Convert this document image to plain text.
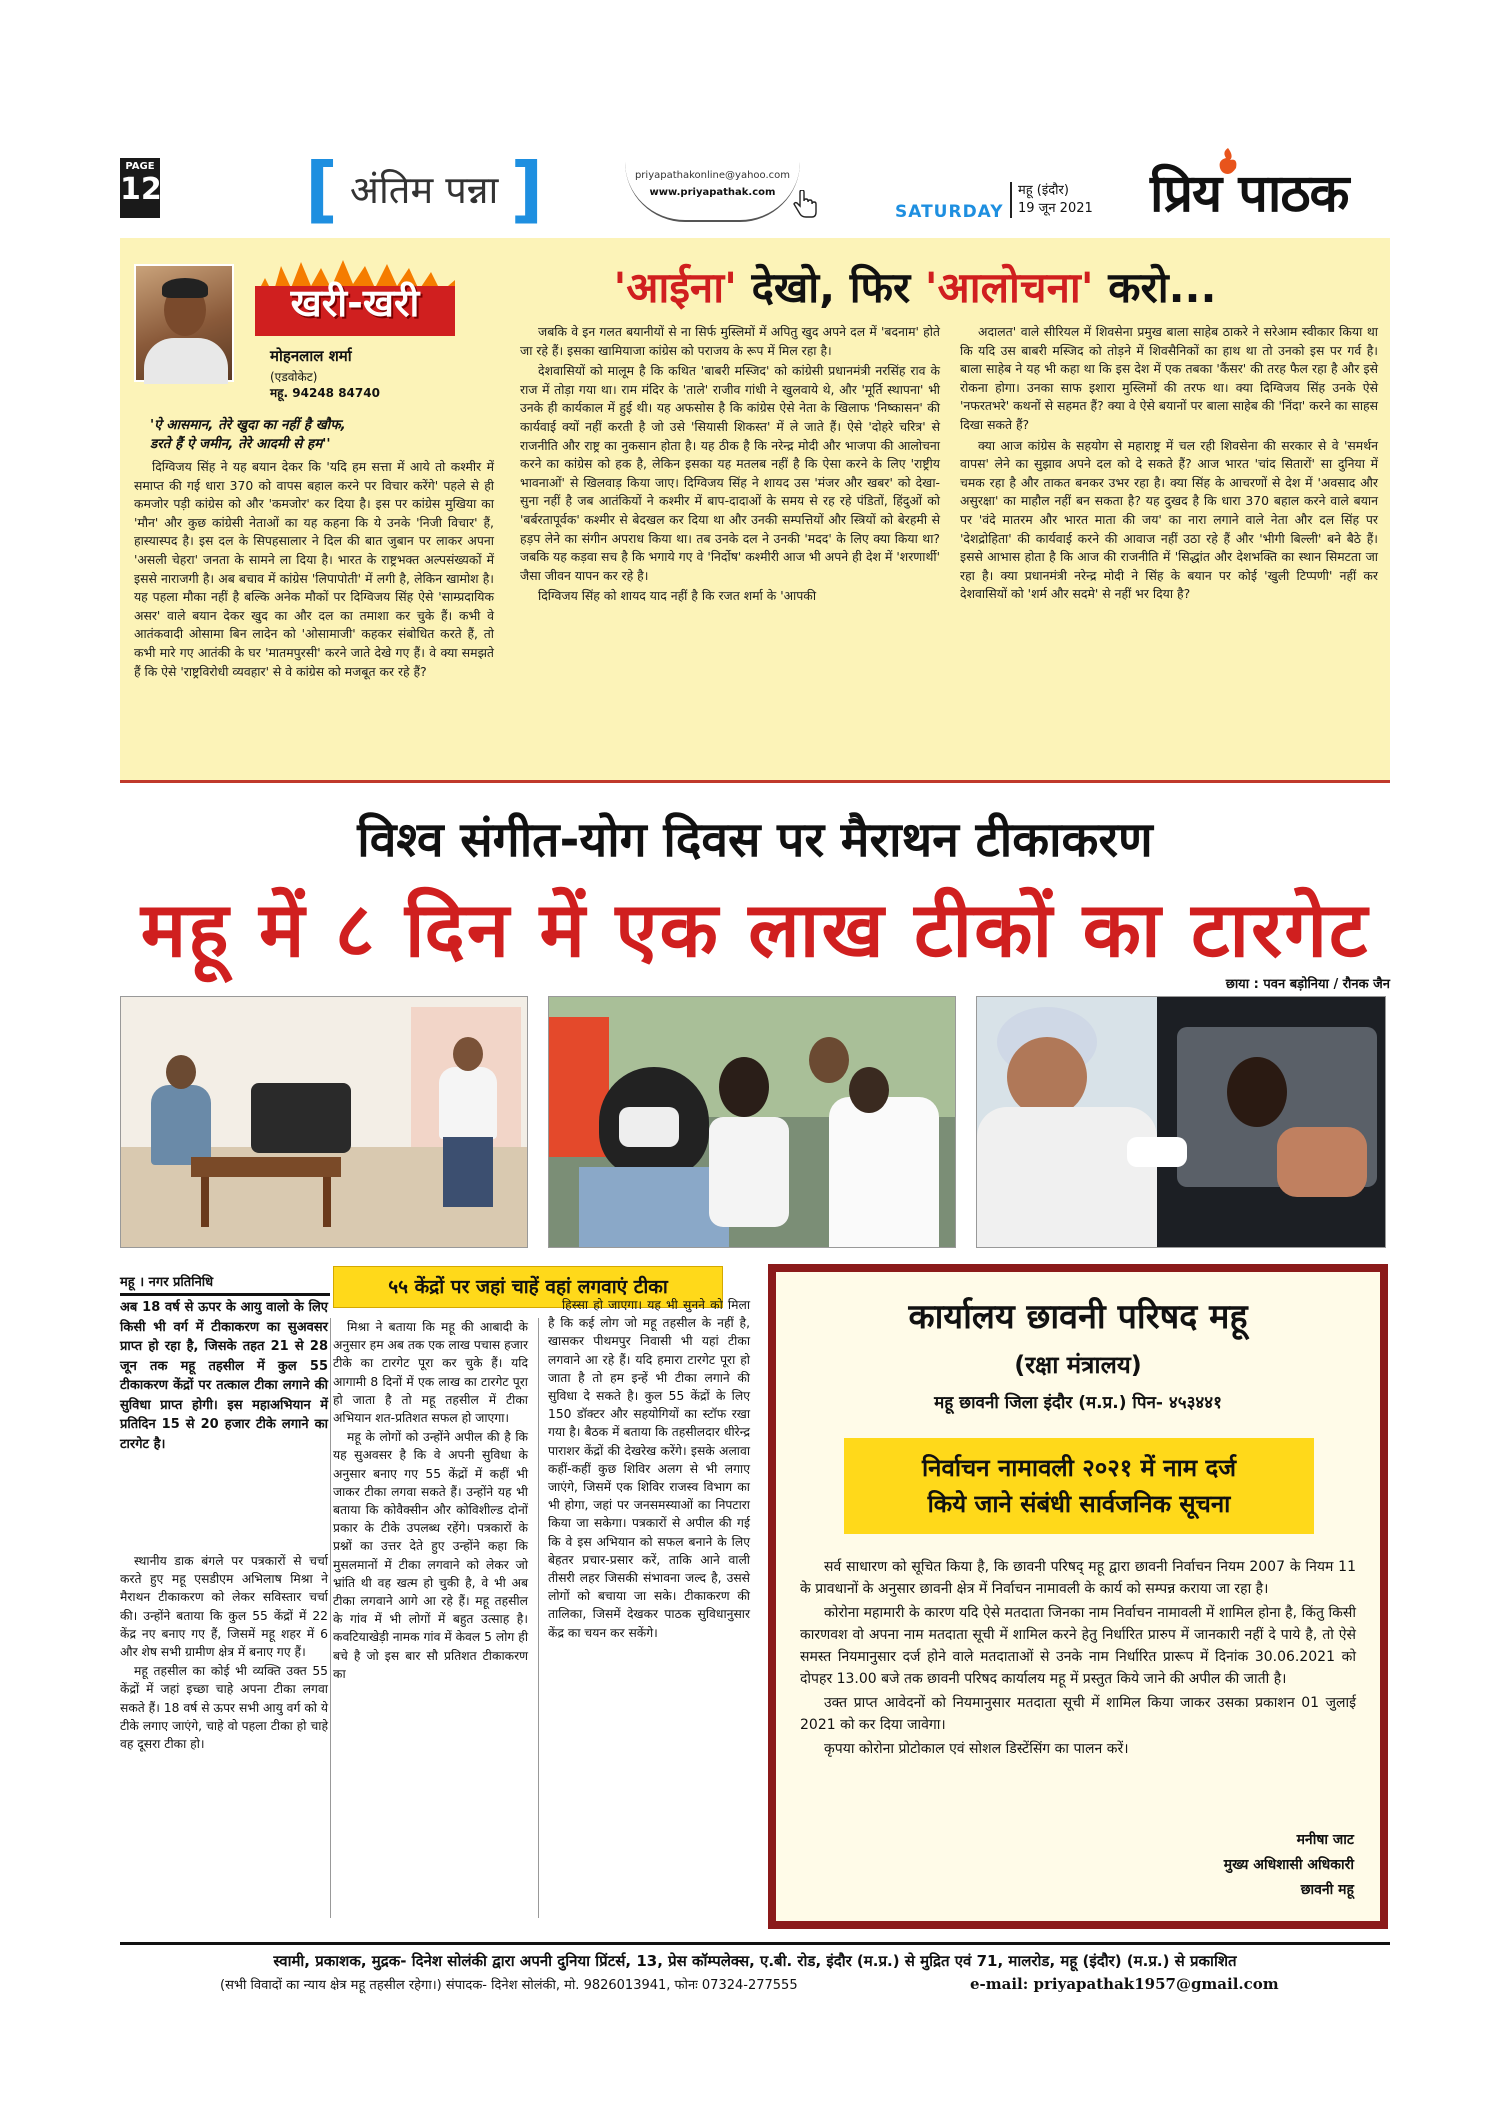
PAGE
12 [ अंतिम पन्ना ]	priyapathakonline@yahoo.com
www.priyapathak.com
SATURDAY
महू (इंदौर)
19 जून 2021 प्रिय पाठक
खरी-खरी
मोहनलाल शर्मा
(एडवोकेट)
महू. 94248 84740
'ऐ आसमान, तेरे खुदा का नहीं है खौफ,
डरते हैं ऐ जमीन, तेरे आदमी से हम''
'आईना' देखो, फिर 'आलोचना' करो...

दिग्विजय सिंह ने यह बयान देकर कि 'यदि हम सत्ता में आये तो कश्मीर में समाप्त की गई धारा 370 को वापस बहाल करने पर विचार करेंगे' पहले से ही कमजोर पड़ी कांग्रेस को और 'कमजोर' कर दिया है। इस पर कांग्रेस मुखिया का 'मौन' और कुछ कांग्रेसी नेताओं का यह कहना कि ये उनके 'निजी विचार' हैं, हास्यास्पद है। इस दल के सिपहसालार ने दिल की बात जुबान पर लाकर अपना 'असली चेहरा' जनता के सामने ला दिया है। भारत के राष्ट्रभक्त अल्पसंख्यकों में इससे नाराजगी है। अब बचाव में कांग्रेस 'लिपापोती' में लगी है, लेकिन खामोश है। यह पहला मौका नहीं है बल्कि अनेक मौकों पर दिग्विजय सिंह ऐसे 'साम्प्रदायिक असर' वाले बयान देकर खुद का और दल का तमाशा कर चुके हैं। कभी वे आतंकवादी ओसामा बिन लादेन को 'ओसामाजी' कहकर संबोधित करते हैं, तो कभी मारे गए आतंकी के घर 'मातमपुरसी' करने जाते देखे गए हैं। वे क्या समझते हैं कि ऐसे 'राष्ट्रविरोधी व्यवहार' से वे कांग्रेस को मजबूत कर रहे हैं?

जबकि वे इन गलत बयानीयों से ना सिर्फ मुस्लिमों में अपितु खुद अपने दल में 'बदनाम' होते जा रहे हैं। इसका खामियाजा कांग्रेस को पराजय के रूप में मिल रहा है।

देशवासियों को मालूम है कि कथित 'बाबरी मस्जिद' को कांग्रेसी प्रधानमंत्री नरसिंह राव के राज में तोड़ा गया था। राम मंदिर के 'ताले' राजीव गांधी ने खुलवाये थे, और 'मूर्ति स्थापना' भी उनके ही कार्यकाल में हुई थी। यह अफसोस है कि कांग्रेस ऐसे नेता के खिलाफ 'निष्कासन' की कार्यवाई क्यों नहीं करती है जो उसे 'सियासी शिकस्त' में ले जाते हैं। ऐसे 'दोहरे चरित्र' से राजनीति और राष्ट्र का नुकसान होता है। यह ठीक है कि नरेन्द्र मोदी और भाजपा की आलोचना करने का कांग्रेस को हक है, लेकिन इसका यह मतलब नहीं है कि ऐसा करने के लिए 'राष्ट्रीय भावनाओं' से खिलवाड़ किया जाए। दिग्विजय सिंह ने शायद उस 'मंजर और खबर' को देखा-सुना नहीं है जब आतंकियों ने कश्मीर में बाप-दादाओं के समय से रह रहे पंडितों, हिंदुओं को 'बर्बरतापूर्वक' कश्मीर से बेदखल कर दिया था और उनकी सम्पत्तियों और स्त्रियों को बेरहमी से हड़प लेने का संगीन अपराध किया था। तब उनके दल ने उनकी 'मदद' के लिए क्या किया था? जबकि यह कड़वा सच है कि भगाये गए वे 'निर्दोष' कश्मीरी आज भी अपने ही देश में 'शरणार्थी' जैसा जीवन यापन कर रहे है।

दिग्विजय सिंह को शायद याद नहीं है कि रजत शर्मा के 'आपकी

अदालत' वाले सीरियल में शिवसेना प्रमुख बाला साहेब ठाकरे ने सरेआम स्वीकार किया था कि यदि उस बाबरी मस्जिद को तोड़ने में शिवसैनिकों का हाथ था तो उनको इस पर गर्व है। बाला साहेब ने यह भी कहा था कि इस देश में एक तबका 'कैंसर' की तरह फैल रहा है और इसे रोकना होगा। उनका साफ इशारा मुस्लिमों की तरफ था। क्या दिग्विजय सिंह उनके ऐसे 'नफरतभरे' कथनों से सहमत हैं? क्या वे ऐसे बयानों पर बाला साहेब की 'निंदा' करने का साहस दिखा सकते हैं?

क्या आज कांग्रेस के सहयोग से महाराष्ट्र में चल रही शिवसेना की सरकार से वे 'समर्थन वापस' लेने का सुझाव अपने दल को दे सकते हैं? आज भारत 'चांद सितारों' सा दुनिया में चमक रहा है और ताकत बनकर उभर रहा है। क्या सिंह के आचरणों से देश में 'अवसाद और असुरक्षा' का माहौल नहीं बन सकता है? यह दुखद है कि धारा 370 बहाल करने वाले बयान पर 'वंदे मातरम और भारत माता की जय' का नारा लगाने वाले नेता और दल सिंह पर 'देशद्रोहिता' की कार्यवाई करने की आवाज नहीं उठा रहे हैं और 'भीगी बिल्ली' बने बैठे हैं। इससे आभास होता है कि आज की राजनीति में 'सिद्धांत और देशभक्ति का स्थान सिमटता जा रहा है। क्या प्रधानमंत्री नरेन्द्र मोदी ने सिंह के बयान पर कोई 'खुली टिप्पणी' नहीं कर देशवासियों को 'शर्म और सदमे' से नहीं भर दिया है?

विश्व संगीत-योग दिवस पर मैराथन टीकाकरण
महू में ८ दिन में एक लाख टीकों का टारगेट
छाया : पवन बड़ोनिया / रौनक जैन
महू । नगर प्रतिनिधि
अब 18 वर्ष से ऊपर के आयु वालो के लिए किसी भी वर्ग में टीकाकरण का सुअवसर प्राप्त हो रहा है, जिसके तहत 21 से 28 जून तक महू तहसील में कुल 55 टीकाकरण केंद्रों पर तत्काल टीका लगाने की सुविधा प्राप्त होगी। इस महाअभियान में प्रतिदिन 15 से 20 हजार टीके लगाने का टारगेट है।
५५ केंद्रों पर जहां चाहें वहां लगवाएं टीका

स्थानीय डाक बंगले पर पत्रकारों से चर्चा करते हुए महू एसडीएम अभिलाष मिश्रा ने मैराथन टीकाकरण को लेकर सविस्तार चर्चा की। उन्होंने बताया कि कुल 55 केंद्रों में 22 केंद्र नए बनाए गए हैं, जिसमें महू शहर में 6 और शेष सभी ग्रामीण क्षेत्र में बनाए गए हैं।

महू तहसील का कोई भी व्यक्ति उक्त 55 केंद्रों में जहां इच्छा चाहे अपना टीका लगवा सकते हैं। 18 वर्ष से ऊपर सभी आयु वर्ग को ये टीके लगाए जाएंगे, चाहे वो पहला टीका हो चाहे वह दूसरा टीका हो।

मिश्रा ने बताया कि महू की आबादी के अनुसार हम अब तक एक लाख पचास हजार टीके का टारगेट पूरा कर चुके हैं। यदि आगामी 8 दिनों में एक लाख का टारगेट पूरा हो जाता है तो महू तहसील में टीका अभियान शत-प्रतिशत सफल हो जाएगा।

महू के लोगों को उन्होंने अपील की है कि यह सुअवसर है कि वे अपनी सुविधा के अनुसार बनाए गए 55 केंद्रों में कहीं भी जाकर टीका लगवा सकते हैं। उन्होंने यह भी बताया कि कोवैक्सीन और कोविशील्ड दोनों प्रकार के टीके उपलब्ध रहेंगे। पत्रकारों के प्रश्नों का उत्तर देते हुए उन्होंने कहा कि मुसलमानों में टीका लगवाने को लेकर जो भ्रांति थी वह खत्म हो चुकी है, वे भी अब टीका लगवाने आगे आ रहे हैं। महू तहसील के गांव में भी लोगों में बहुत उत्साह है। कवटियाखेड़ी नामक गांव में केवल 5 लोग ही बचे है जो इस बार सौ प्रतिशत टीकाकरण का

हिस्सा हो जाएगा। यह भी सुनने को मिला है कि कई लोग जो महू तहसील के नहीं है, खासकर पीथमपुर निवासी भी यहां टीका लगवाने आ रहे हैं। यदि हमारा टारगेट पूरा हो जाता है तो हम इन्हें भी टीका लगाने की सुविधा दे सकते है। कुल 55 केंद्रों के लिए 150 डॉक्टर और सहयोगियों का स्टॉफ रखा गया है। बैठक में बताया कि तहसीलदार धीरेन्द्र पाराशर केंद्रों की देखरेख करेंगे। इसके अलावा कहीं-कहीं कुछ शिविर अलग से भी लगाए जाएंगे, जिसमें एक शिविर राजस्व विभाग का भी होगा, जहां पर जनसमस्याओं का निपटारा किया जा सकेगा। पत्रकारों से अपील की गई कि वे इस अभियान को सफल बनाने के लिए बेहतर प्रचार-प्रसार करें, ताकि आने वाली तीसरी लहर जिसकी संभावना जल्द है, उससे लोगों को बचाया जा सके। टीकाकरण की तालिका, जिसमें देखकर पाठक सुविधानुसार केंद्र का चयन कर सकेंगे।

कार्यालय छावनी परिषद महू
(रक्षा मंत्रालय)
महू छावनी जिला इंदौर (म.प्र.) पिन- ४५३४४१
निर्वाचन नामावली २०२१ में नाम दर्ज
किये जाने संबंधी सार्वजनिक सूचना

सर्व साधारण को सूचित किया है, कि छावनी परिषद् महू द्वारा छावनी निर्वाचन नियम 2007 के नियम 11 के प्रावधानों के अनुसार छावनी क्षेत्र में निर्वाचन नामावली के कार्य को सम्पन्न कराया जा रहा है।

कोरोना महामारी के कारण यदि ऐसे मतदाता जिनका नाम निर्वाचन नामावली में शामिल होना है, किंतु किसी कारणवश वो अपना नाम मतदाता सूची में शामिल करने हेतु निर्धारित प्रारुप में जानकारी नहीं दे पाये है, तो ऐसे समस्त नियमानुसार दर्ज होने वाले मतदाताओं से उनके नाम निर्धारित प्रारूप में दिनांक 30.06.2021 को दोपहर 13.00 बजे तक छावनी परिषद कार्यालय महू में प्रस्तुत किये जाने की अपील की जाती है।

उक्त प्राप्त आवेदनों को नियमानुसार मतदाता सूची में शामिल किया जाकर उसका प्रकाशन 01 जुलाई 2021 को कर दिया जावेगा।

कृपया कोरोना प्रोटोकाल एवं सोशल डिस्टेंसिंग का पालन करें।

मनीषा जाट
मुख्य अधिशासी अधिकारी
छावनी महू
स्वामी, प्रकाशक, मुद्रक- दिनेश सोलंकी द्वारा अपनी दुनिया प्रिंटर्स, 13, प्रेस कॉम्पलेक्स, ए.बी. रोड, इंदौर (म.प्र.) से मुद्रित एवं 71, मालरोड, महू (इंदौर) (म.प्र.) से प्रकाशित
(सभी विवादों का न्याय क्षेत्र महू तहसील रहेगा।) संपादक- दिनेश सोलंकी, मो. 9826013941, फोनः 07324-277555	e-mail: priyapathak1957@gmail.com
